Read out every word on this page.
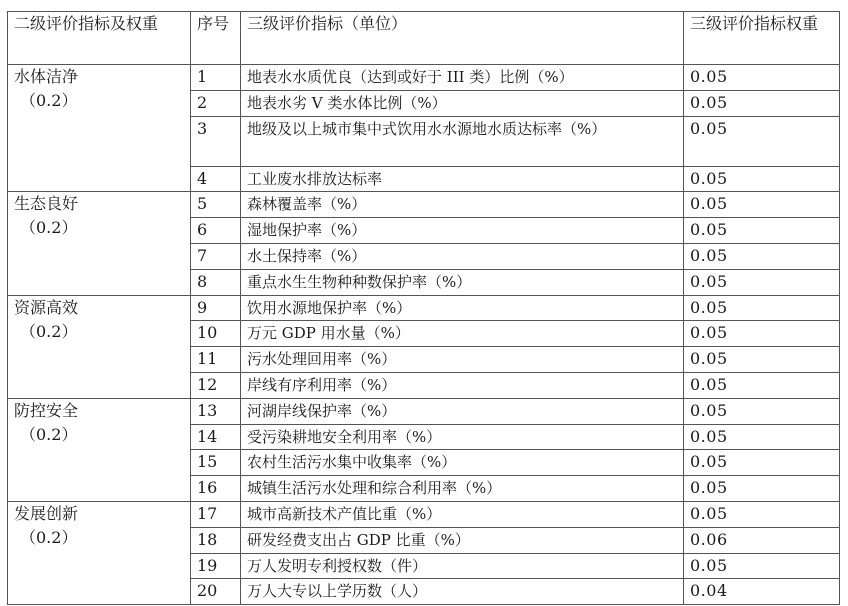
二级评价指标及权重	序号	三级评价指标（单位）	三级评价指标权重

水体洁净
（0.2）	1	地表水水质优良（达到或好于 III 类）比例（%）	0.05
	2	地表水劣 V 类水体比例（%）	0.05
	3	地级及以上城市集中式饮用水水源地水质达标率（%）	0.05
	4	工业废水排放达标率	0.05

生态良好
（0.2）	5	森林覆盖率（%）	0.05
	6	湿地保护率（%）	0.05
	7	水土保持率（%）	0.05
	8	重点水生生物种种数保护率（%）	0.05

资源高效
（0.2）	9	饮用水源地保护率（%）	0.05
	10	万元 GDP 用水量（%）	0.05
	11	污水处理回用率（%）	0.05
	12	岸线有序利用率（%）	0.05

防控安全
（0.2）	13	河湖岸线保护率（%）	0.05
	14	受污染耕地安全利用率（%）	0.05
	15	农村生活污水集中收集率（%）	0.05
	16	城镇生活污水处理和综合利用率（%）	0.05

发展创新
（0.2）	17	城市高新技术产值比重（%）	0.05
	18	研发经费支出占 GDP 比重（%）	0.06
	19	万人发明专利授权数（件）	0.05
	20	万人大专以上学历数（人）	0.04
